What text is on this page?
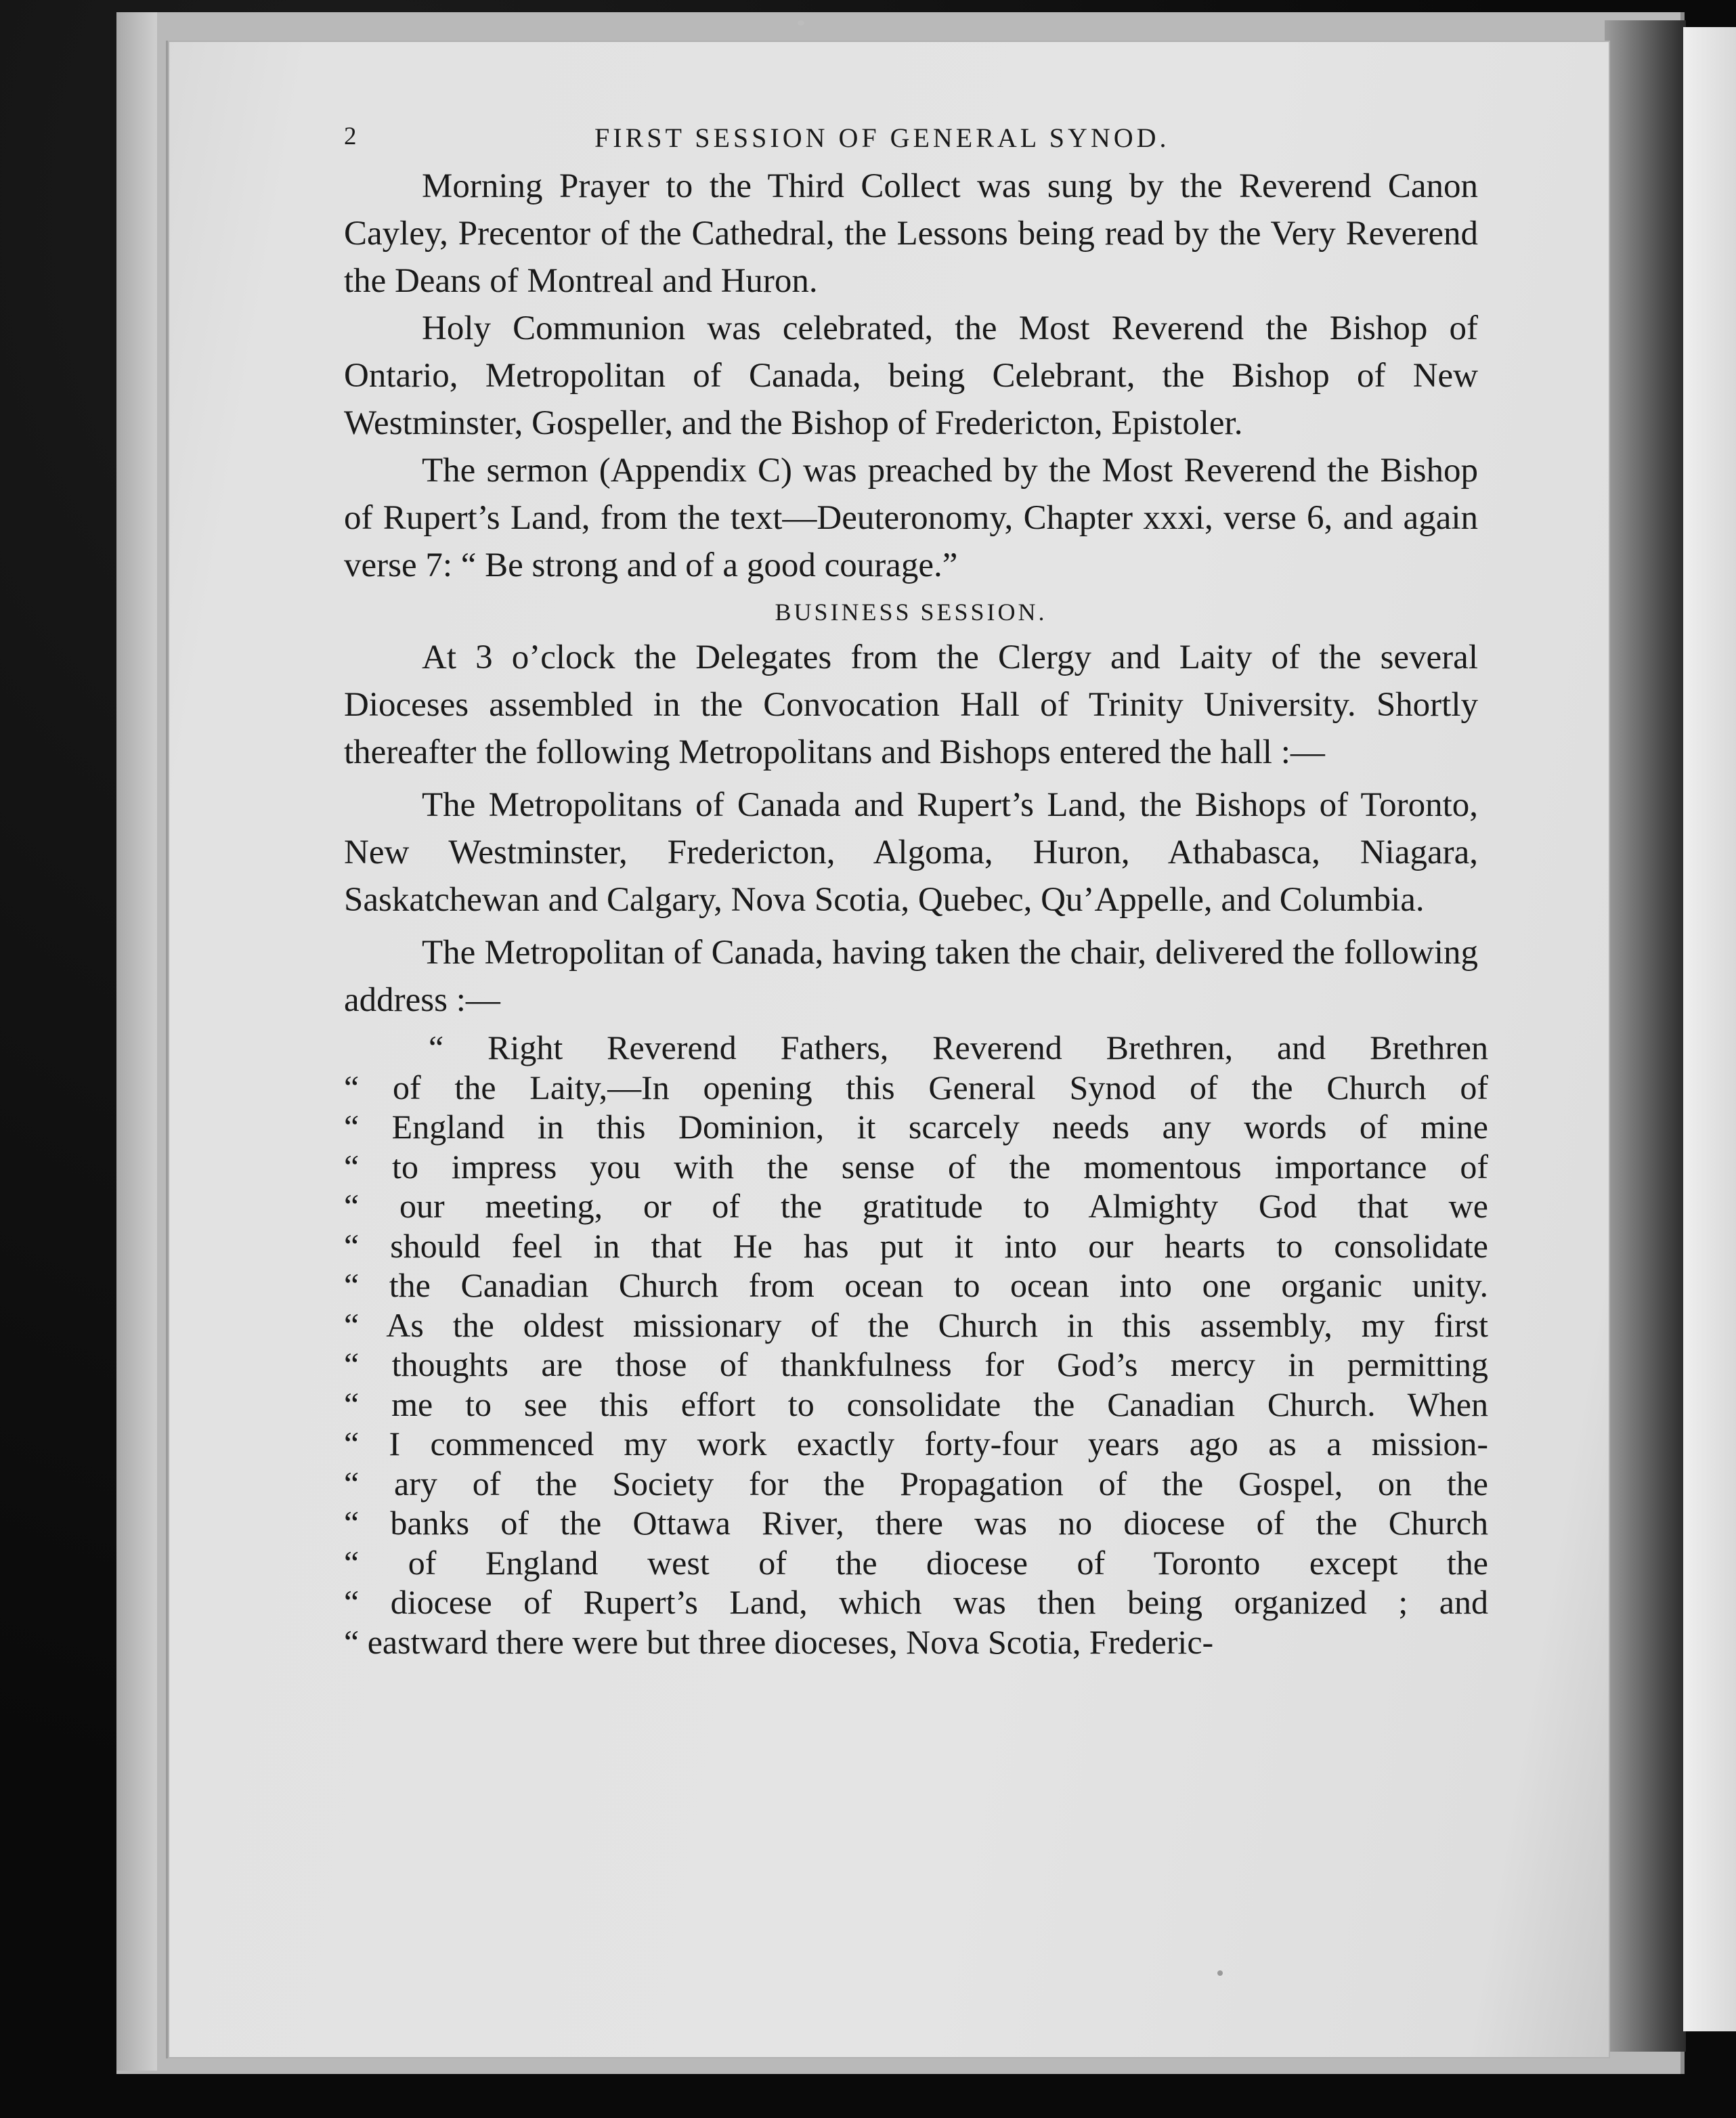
2	FIRST SESSION OF GENERAL SYNOD.

Morning Prayer to the Third Collect was sung by the Reverend Canon Cayley, Precentor of the Cathedral, the Lessons being read by the Very Reverend the Deans of Montreal and Huron.

Holy Communion was celebrated, the Most Reverend the Bishop of Ontario, Metropolitan of Canada, being Celebrant, the Bishop of New Westminster, Gospeller, and the Bishop of Fredericton, Epistoler.

The sermon (Appendix C) was preached by the Most Reverend the Bishop of Rupert’s Land, from the text—Deuteronomy, Chapter xxxi, verse 6, and again verse 7: “ Be strong and of a good courage.”

BUSINESS SESSION.

At 3 o’clock the Delegates from the Clergy and Laity of the several Dioceses assembled in the Convocation Hall of Trinity University. Shortly thereafter the following Metropolitans and Bishops entered the hall :—

The Metropolitans of Canada and Rupert’s Land, the Bishops of Toronto, New Westminster, Fredericton, Algoma, Huron, Athabasca, Niagara, Saskatchewan and Calgary, Nova Scotia, Quebec, Qu’Appelle, and Columbia.

The Metropolitan of Canada, having taken the chair, delivered the following address :—

“ Right Reverend Fathers, Reverend Brethren, and Brethren
“ of the Laity,—In opening this General Synod of the Church of
“ England in this Dominion, it scarcely needs any words of mine
“ to impress you with the sense of the momentous importance of
“ our meeting, or of the gratitude to Almighty God that we
“ should feel in that He has put it into our hearts to consolidate
“ the Canadian Church from ocean to ocean into one organic unity.
“ As the oldest missionary of the Church in this assembly, my first
“ thoughts are those of thankfulness for God’s mercy in permitting
“ me to see this effort to consolidate the Canadian Church. When
“ I commenced my work exactly forty-four years ago as a mission-
“ ary of the Society for the Propagation of the Gospel, on the
“ banks of the Ottawa River, there was no diocese of the Church
“ of England west of the diocese of Toronto except the
“ diocese of Rupert’s Land, which was then being organized ; and
“ eastward there were but three dioceses, Nova Scotia, Frederic-
